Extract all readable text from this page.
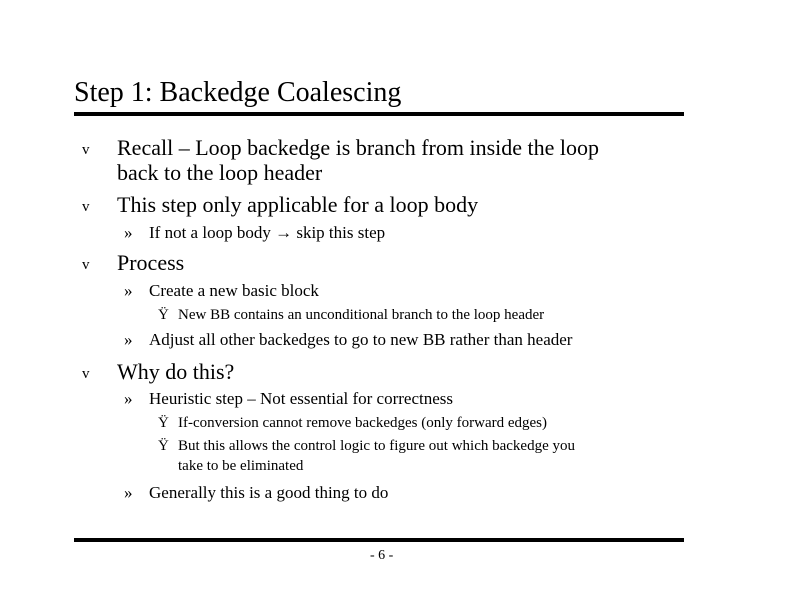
Step 1: Backedge Coalescing
v Recall – Loop backedge is branch from inside the loop
back to the loop header
v This step only applicable for a loop body
» If not a loop body → skip this step
v Process
» Create a new basic block
Ÿ New BB contains an unconditional branch to the loop header
» Adjust all other backedges to go to new BB rather than header
v Why do this?
» Heuristic step – Not essential for correctness
Ÿ If-conversion cannot remove backedges (only forward edges)
Ÿ But this allows the control logic to figure out which backedge you
take to be eliminated
» Generally this is a good thing to do
- 6 -
